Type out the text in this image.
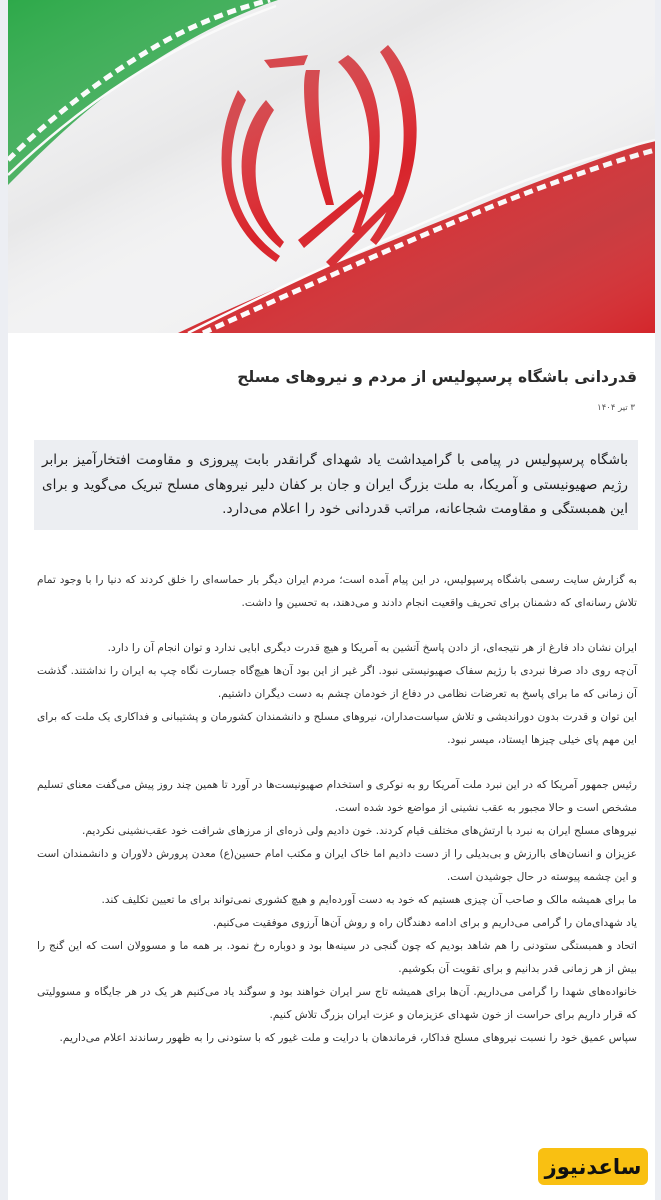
قدردانی باشگاه پرسپولیس از مردم و نیروهای مسلح
۳ تیر ۱۴۰۴
باشگاه پرسپولیس در پیامی با گرامیداشت یاد شهدای گرانقدر بابت پیروزی و مقاومت افتخارآمیز برابر رژیم صهیونیستی و آمریکا، به ملت بزرگ ایران و جان بر کفان دلیر نیروهای مسلح تبریک می‌گوید و برای این همبستگی و مقاومت شجاعانه، مراتب قدردانی خود را اعلام می‌دارد.

به گزارش سایت رسمی باشگاه پرسپولیس، در این پیام آمده است؛ مردم ایران دیگر بار حماسه‌ای را خلق کردند که دنیا را با وجود تمام تلاش رسانه‌ای که دشمنان برای تحریف واقعیت انجام دادند و می‌دهند، به تحسین وا داشت.

ایران نشان داد فارغ از هر نتیجه‌ای، از دادن پاسخ آتشین به آمریکا و هیچ قدرت دیگری ابایی ندارد و توان انجام آن را دارد.

آن‌چه روی داد صرفا نبردی با رژیم سفاک صهیونیستی نبود. اگر غیر از این بود آن‌ها هیچ‌گاه جسارت نگاه چپ به ایران را نداشتند. گذشت آن زمانی که ما برای پاسخ به تعرضات نظامی در دفاع از خودمان چشم به دست دیگران داشتیم.

این توان و قدرت بدون دوراندیشی و تلاش سیاست‌مداران، نیروهای مسلح و دانشمندان کشورمان و پشتیبانی و فداکاری یک ملت که برای این مهم پای خیلی چیزها ایستاد، میسر نبود.

رئیس جمهور آمریکا که در این نبرد ملت آمریکا رو به نوکری و استخدام صهیونیست‌ها در آورد تا همین چند روز پیش می‌گفت معنای تسلیم مشخص است و حالا مجبور به عقب نشینی از مواضع خود شده است.

نیروهای مسلح ایران به نبرد با ارتش‌های مختلف قیام کردند. خون دادیم ولی ذره‌ای از مرزهای شرافت خود عقب‌نشینی نکردیم.

عزیزان و انسان‌های باارزش و بی‌بدیلی را از دست دادیم اما خاک ایران و مکتب امام حسین(ع) معدن پرورش دلاوران و دانشمندان است و این چشمه پیوسته در حال جوشیدن است.

ما برای همیشه مالک و صاحب آن چیزی هستیم که خود به دست آورده‌ایم و هیچ کشوری نمی‌تواند برای ما تعیین تکلیف کند.

یاد شهدای‌مان را گرامی می‌داریم و برای ادامه دهندگان راه و روش آن‌ها آرزوی موفقیت می‌کنیم.

اتحاد و همبستگی ستودنی را هم شاهد بودیم که چون گنجی در سینه‌ها بود و دوباره رخ نمود. بر همه ما و مسوولان است که این گنج را بیش از هر زمانی قدر بدانیم و برای تقویت آن بکوشیم.

خانواده‌های شهدا را گرامی می‌داریم. آن‌ها برای همیشه تاج سر ایران خواهند بود و سوگند یاد می‌کنیم هر یک در هر جایگاه و مسوولیتی که قرار داریم برای حراست از خون شهدای عزیزمان و عزت ایران بزرگ تلاش کنیم.

سپاس عمیق خود را نسبت نیروهای مسلح فداکار، فرماندهان با درایت و ملت غیور که با ستودنی را به ظهور رساندند اعلام می‌داریم.

ساعدنیوز
